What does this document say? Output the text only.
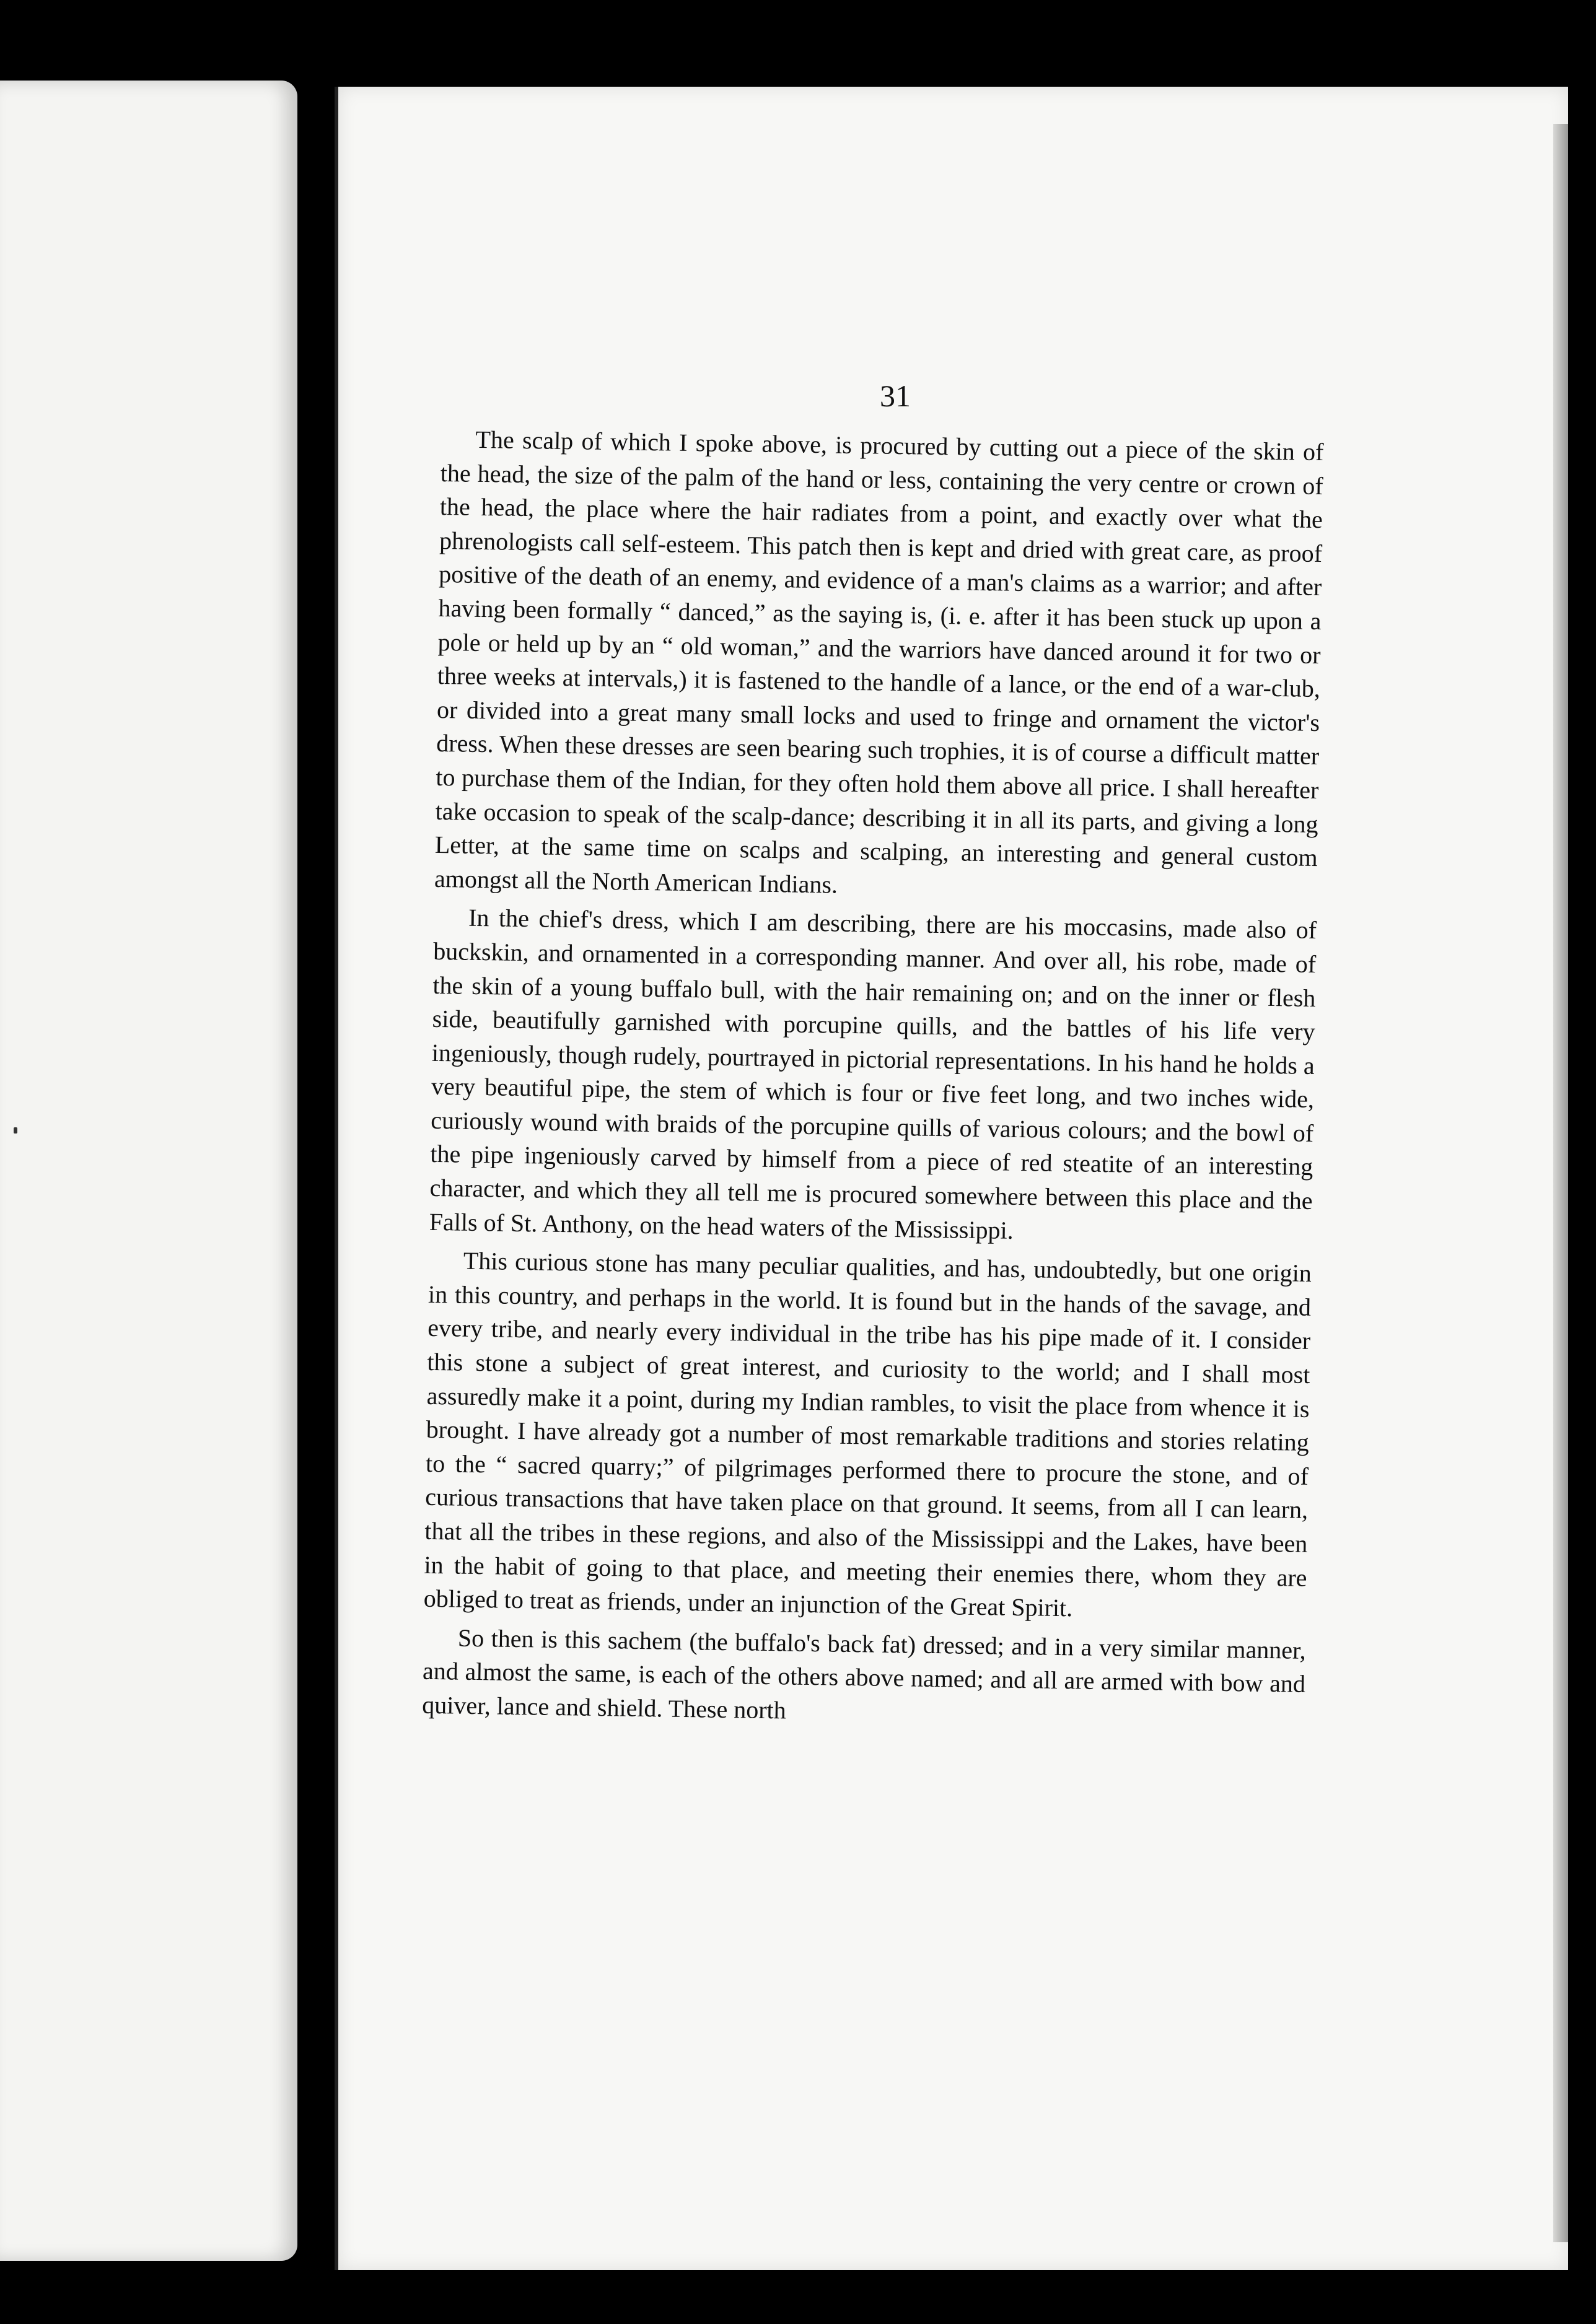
31

The scalp of which I spoke above, is procured by cutting out a piece of the skin of the head, the size of the palm of the hand or less, containing the very centre or crown of the head, the place where the hair radiates from a point, and exactly over what the phrenologists call self-esteem. This patch then is kept and dried with great care, as proof positive of the death of an enemy, and evidence of a man's claims as a warrior; and after having been formally “ danced,” as the saying is, (i. e. after it has been stuck up upon a pole or held up by an “ old woman,” and the warriors have danced around it for two or three weeks at intervals,) it is fastened to the handle of a lance, or the end of a war-club, or divided into a great many small locks and used to fringe and ornament the victor's dress. When these dresses are seen bearing such trophies, it is of course a difficult matter to purchase them of the Indian, for they often hold them above all price. I shall hereafter take occasion to speak of the scalp-dance; describing it in all its parts, and giving a long Letter, at the same time on scalps and scalping, an interesting and general custom amongst all the North American Indians.

In the chief's dress, which I am describing, there are his moccasins, made also of buckskin, and ornamented in a corresponding manner. And over all, his robe, made of the skin of a young buffalo bull, with the hair remaining on; and on the inner or flesh side, beautifully garnished with porcupine quills, and the battles of his life very ingeniously, though rudely, pourtrayed in pictorial representations. In his hand he holds a very beautiful pipe, the stem of which is four or five feet long, and two inches wide, curiously wound with braids of the porcupine quills of various colours; and the bowl of the pipe ingeniously carved by himself from a piece of red steatite of an interesting character, and which they all tell me is procured somewhere between this place and the Falls of St. Anthony, on the head waters of the Mississippi.

This curious stone has many peculiar qualities, and has, undoubtedly, but one origin in this country, and perhaps in the world. It is found but in the hands of the savage, and every tribe, and nearly every individual in the tribe has his pipe made of it. I consider this stone a subject of great interest, and curiosity to the world; and I shall most assuredly make it a point, during my Indian rambles, to visit the place from whence it is brought. I have already got a number of most remarkable traditions and stories relating to the “ sacred quarry;” of pilgrimages performed there to procure the stone, and of curious transactions that have taken place on that ground. It seems, from all I can learn, that all the tribes in these regions, and also of the Mississippi and the Lakes, have been in the habit of going to that place, and meeting their enemies there, whom they are obliged to treat as friends, under an injunction of the Great Spirit.

So then is this sachem (the buffalo's back fat) dressed; and in a very similar manner, and almost the same, is each of the others above named; and all are armed with bow and quiver, lance and shield. These north
